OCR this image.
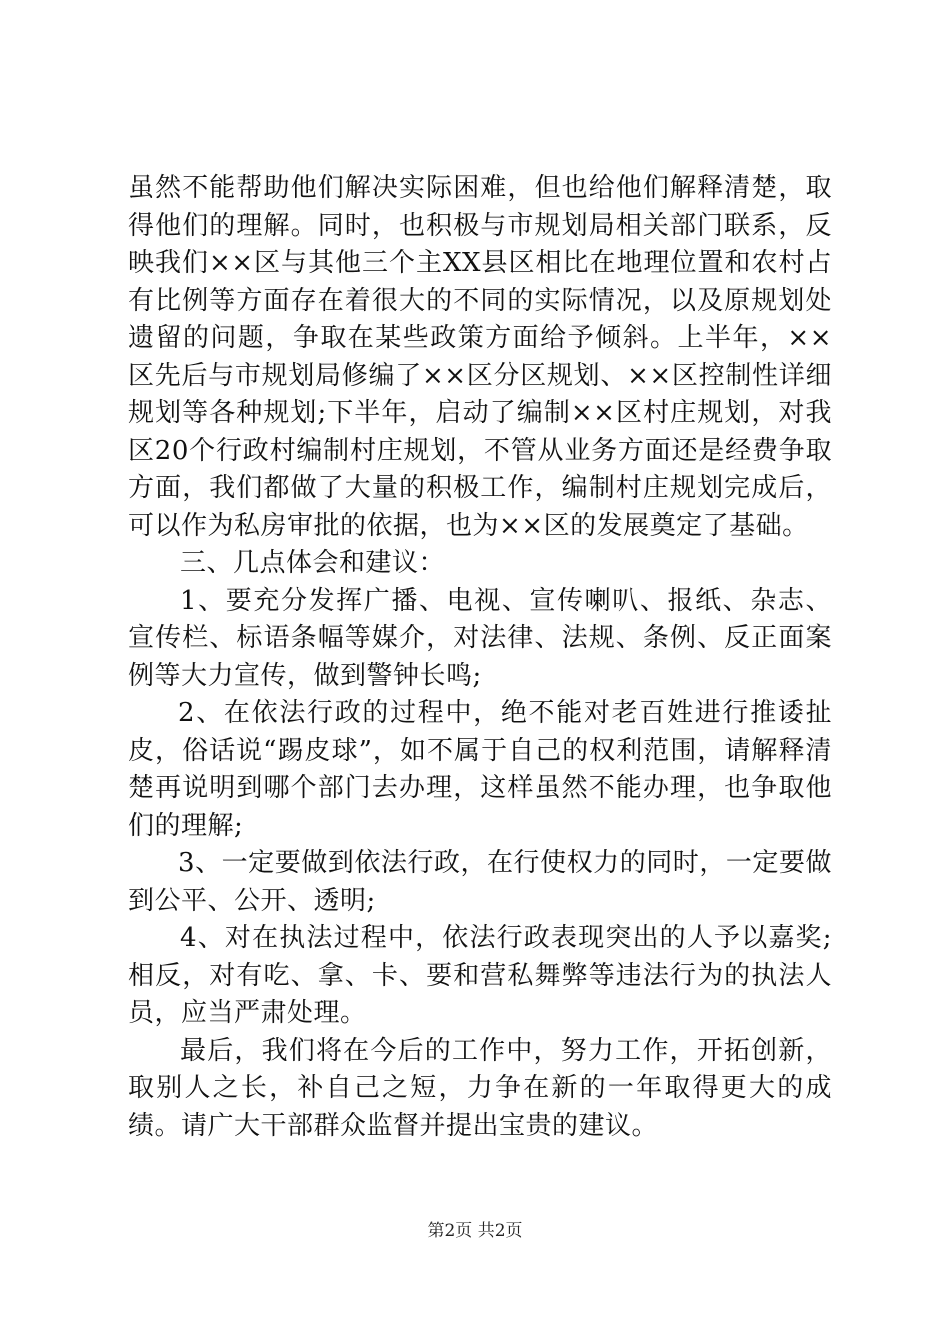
虽然不能帮助他们解决实际困难，但也给他们解释清楚，取得他们的理解。同时，也积极与市规划局相关部门联系，反映我们××区与其他三个主XX县区相比在地理位置和农村占有比例等方面存在着很大的不同的实际情况，以及原规划处遗留的问题，争取在某些政策方面给予倾斜。上半年，××区先后与市规划局修编了××区分区规划、××区控制性详细规划等各种规划;下半年，启动了编制××区村庄规划，对我区20个行政村编制村庄规划，不管从业务方面还是经费争取方面，我们都做了大量的积极工作，编制村庄规划完成后，可以作为私房审批的依据，也为××区的发展奠定了基础。

三、几点体会和建议：

1、要充分发挥广播、电视、宣传喇叭、报纸、杂志、宣传栏、标语条幅等媒介，对法律、法规、条例、反正面案例等大力宣传，做到警钟长鸣;

2、在依法行政的过程中，绝不能对老百姓进行推诿扯皮，俗话说“踢皮球”，如不属于自己的权利范围，请解释清楚再说明到哪个部门去办理，这样虽然不能办理，也争取他们的理解;

3、一定要做到依法行政，在行使权力的同时，一定要做到公平、公开、透明;

4、对在执法过程中，依法行政表现突出的人予以嘉奖;相反，对有吃、拿、卡、要和营私舞弊等违法行为的执法人员，应当严肃处理。

最后，我们将在今后的工作中，努力工作，开拓创新，取别人之长，补自己之短，力争在新的一年取得更大的成绩。请广大干部群众监督并提出宝贵的建议。

第2页 共2页
